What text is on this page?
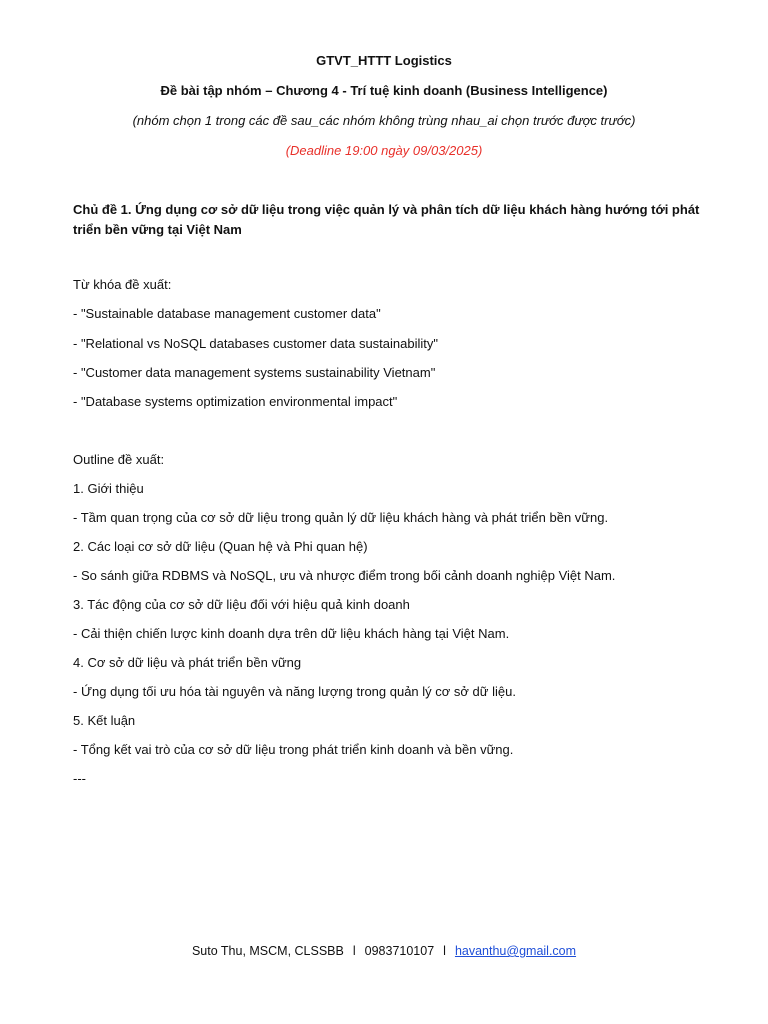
GTVT_HTTT Logistics
Đề bài tập nhóm – Chương 4 - Trí tuệ kinh doanh (Business Intelligence)
(nhóm chọn 1 trong các đề sau_các nhóm không trùng nhau_ai chọn trước được trước)
(Deadline 19:00 ngày 09/03/2025)
Chủ đề 1. Ứng dụng cơ sở dữ liệu trong việc quản lý và phân tích dữ liệu khách hàng hướng tới phát triển bền vững tại Việt Nam
Từ khóa đề xuất:
- "Sustainable database management customer data"
- "Relational vs NoSQL databases customer data sustainability"
- "Customer data management systems sustainability Vietnam"
- "Database systems optimization environmental impact"
Outline đề xuất:
1. Giới thiệu
- Tầm quan trọng của cơ sở dữ liệu trong quản lý dữ liệu khách hàng và phát triển bền vững.
2. Các loại cơ sở dữ liệu (Quan hệ và Phi quan hệ)
- So sánh giữa RDBMS và NoSQL, ưu và nhược điểm trong bối cảnh doanh nghiệp Việt Nam.
3. Tác động của cơ sở dữ liệu đối với hiệu quả kinh doanh
- Cải thiện chiến lược kinh doanh dựa trên dữ liệu khách hàng tại Việt Nam.
4. Cơ sở dữ liệu và phát triển bền vững
- Ứng dụng tối ưu hóa tài nguyên và năng lượng trong quản lý cơ sở dữ liệu.
5. Kết luận
- Tổng kết vai trò của cơ sở dữ liệu trong phát triển kinh doanh và bền vững.
---
Suto Thu, MSCM, CLSSBB l 0983710107 l havanthu@gmail.com
